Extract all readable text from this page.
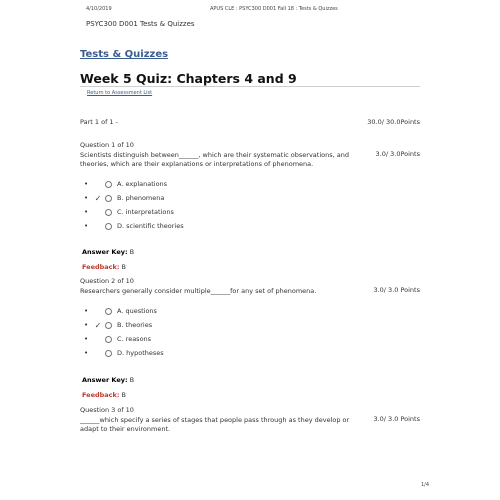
4/10/2019	APUS CLE : PSYC300 D001 Fall 18 : Tests & Quizzes
PSYC300 D001 Tests & Quizzes
Tests & Quizzes
Week 5 Quiz: Chapters 4 and 9
Return to Assessment List
Part 1 of 1 -	30.0/ 30.0Points
Question 1 of 10
Scientists distinguish between______, which are their systematic observations, and theories, which are their explanations or interpretations of phenomena.
3.0/ 3.0Points
•	A. explanations
• ✓	B. phenomena
•	C. interpretations
•	D. scientific theories
Answer Key: B
Feedback: B
Question 2 of 10
Researchers generally consider multiple______for any set of phenomena.	3.0/ 3.0 Points
•	A. questions
• ✓	B. theories
•	C. reasons
•	D. hypotheses
Answer Key: B
Feedback: B
Question 3 of 10
______which specify a series of stages that people pass through as they develop or adapt to their environment.
3.0/ 3.0 Points
1/4
